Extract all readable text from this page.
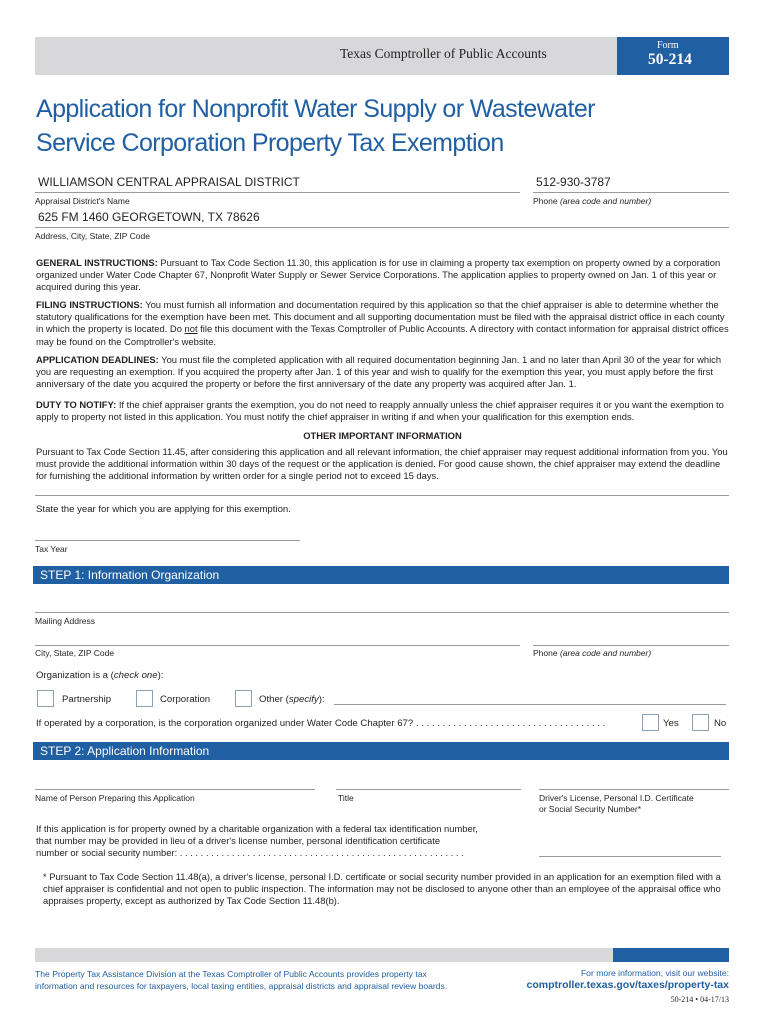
Texas Comptroller of Public Accounts
Form
50-214
Application for Nonprofit Water Supply or Wastewater
Service Corporation Property Tax Exemption
WILLIAMSON CENTRAL APPRAISAL DISTRICT
Appraisal District's Name
512-930-3787
Phone (area code and number)
625 FM 1460 GEORGETOWN, TX 78626
Address, City, State, ZIP Code
GENERAL INSTRUCTIONS: Pursuant to Tax Code Section 11.30, this application is for use in claiming a property tax exemption on property owned by a corporation organized under Water Code Chapter 67, Nonprofit Water Supply or Sewer Service Corporations. The application applies to property owned on Jan. 1 of this year or acquired during this year.
FILING INSTRUCTIONS: You must furnish all information and documentation required by this application so that the chief appraiser is able to determine whether the statutory qualifications for the exemption have been met. This document and all supporting documentation must be filed with the appraisal district office in each county in which the property is located. Do not file this document with the Texas Comptroller of Public Accounts. A directory with contact information for appraisal district offices may be found on the Comptroller's website.
APPLICATION DEADLINES: You must file the completed application with all required documentation beginning Jan. 1 and no later than April 30 of the year for which you are requesting an exemption. If you acquired the property after Jan. 1 of this year and wish to qualify for the exemption this year, you must apply before the first anniversary of the date you acquired the property or before the first anniversary of the date any property was acquired after Jan. 1.
DUTY TO NOTIFY: If the chief appraiser grants the exemption, you do not need to reapply annually unless the chief appraiser requires it or you want the exemption to apply to property not listed in this application. You must notify the chief appraiser in writing if and when your qualification for this exemption ends.
OTHER IMPORTANT INFORMATION
Pursuant to Tax Code Section 11.45, after considering this application and all relevant information, the chief appraiser may request additional information from you. You must provide the additional information within 30 days of the request or the application is denied. For good cause shown, the chief appraiser may extend the deadline for furnishing the additional information by written order for a single period not to exceed 15 days.
State the year for which you are applying for this exemption.
Tax Year
STEP 1: Information Organization
Mailing Address
City, State, ZIP Code	Phone (area code and number)
Organization is a (check one):
Partnership	Corporation	Other (specify):
If operated by a corporation, is the corporation organized under Water Code Chapter 67? . . . . . . . . . . . . . . . . . . . . . . . . . . . . . . . . . . . .	Yes	No
STEP 2: Application Information
Name of Person Preparing this Application	Title	Driver's License, Personal I.D. Certificate
or Social Security Number*
If this application is for property owned by a charitable organization with a federal tax identification number,
that number may be provided in lieu of a driver's license number, personal identification certificate
number or social security number: . . . . . . . . . . . . . . . . . . . . . . . . . . . . . . . . . . . . . . . . . . . . . . . . . . . . . . .
* Pursuant to Tax Code Section 11.48(a), a driver's license, personal I.D. certificate or social security number provided in an application for an exemption filed with a chief appraiser is confidential and not open to public inspection. The information may not be disclosed to anyone other than an employee of the appraisal office who appraises property, except as authorized by Tax Code Section 11.48(b).
The Property Tax Assistance Division at the Texas Comptroller of Public Accounts provides property tax
information and resources for taxpayers, local taxing entities, appraisal districts and appraisal review boards.
For more information, visit our website:
comptroller.texas.gov/taxes/property-tax
50-214 • 04-17/13
